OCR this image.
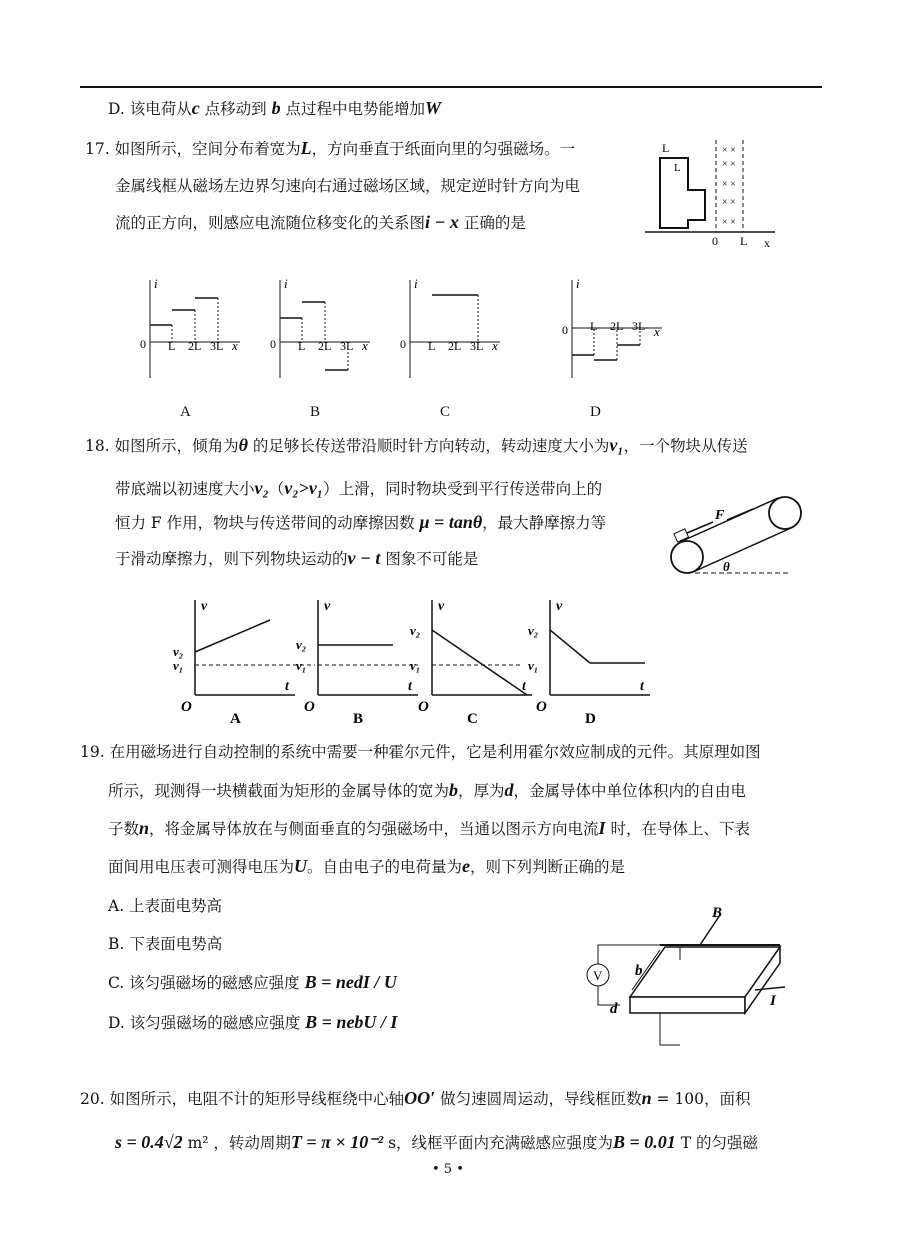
D. 该电荷从c 点移动到 b 点过程中电势能增加W
17. 如图所示，空间分布着宽为L，方向垂直于纸面向里的匀强磁场。一
金属线框从磁场左边界匀速向右通过磁场区域，规定逆时针方向为电
流的正方向，则感应电流随位移变化的关系图i − x 正确的是
18. 如图所示，倾角为θ 的足够长传送带沿顺时针方向转动，转动速度大小为v₁，一个物块从传送
带底端以初速度大小v₂（v₂>v₁）上滑，同时物块受到平行传送带向上的
恒力 F 作用，物块与传送带间的动摩擦因数 μ = tanθ，最大静摩擦力等
于滑动摩擦力，则下列物块运动的v − t 图象不可能是
19. 在用磁场进行自动控制的系统中需要一种霍尔元件，它是利用霍尔效应制成的元件。其原理如图
所示，现测得一块横截面为矩形的金属导体的宽为b，厚为d，金属导体中单位体积内的自由电
子数n，将金属导体放在与侧面垂直的匀强磁场中，当通以图示方向电流I 时，在导体上、下表
面间用电压表可测得电压为U。自由电子的电荷量为e，则下列判断正确的是
A. 上表面电势高
B. 下表面电势高
C. 该匀强磁场的磁感应强度 B = nedI / U
D. 该匀强磁场的磁感应强度 B = nebU / I
20. 如图所示，电阻不计的矩形导线框绕中心轴OO′ 做匀速圆周运动，导线框匝数n = 100，面积
s = 0.4√2 m² ，转动周期T = π × 10⁻² s，线框平面内充满磁感应强度为B = 0.01 T 的匀强磁
× ×
× ×
× ×
× ×
× ×
L
L
0 L x
i
x
0 L 2L 3L
i
x
0 L 2L 3L
i
x
0 L 2L 3L
i
x
0 L 2L 3L
A	B	C	D
F
θ
v
t
O
v₂
v₁
A
v
t
O
v₂
v₁
B
v
t
O
v₂
v₁
C
v
t
O
v₂
v₁
D
V
B
b
d	I
• 5 •
